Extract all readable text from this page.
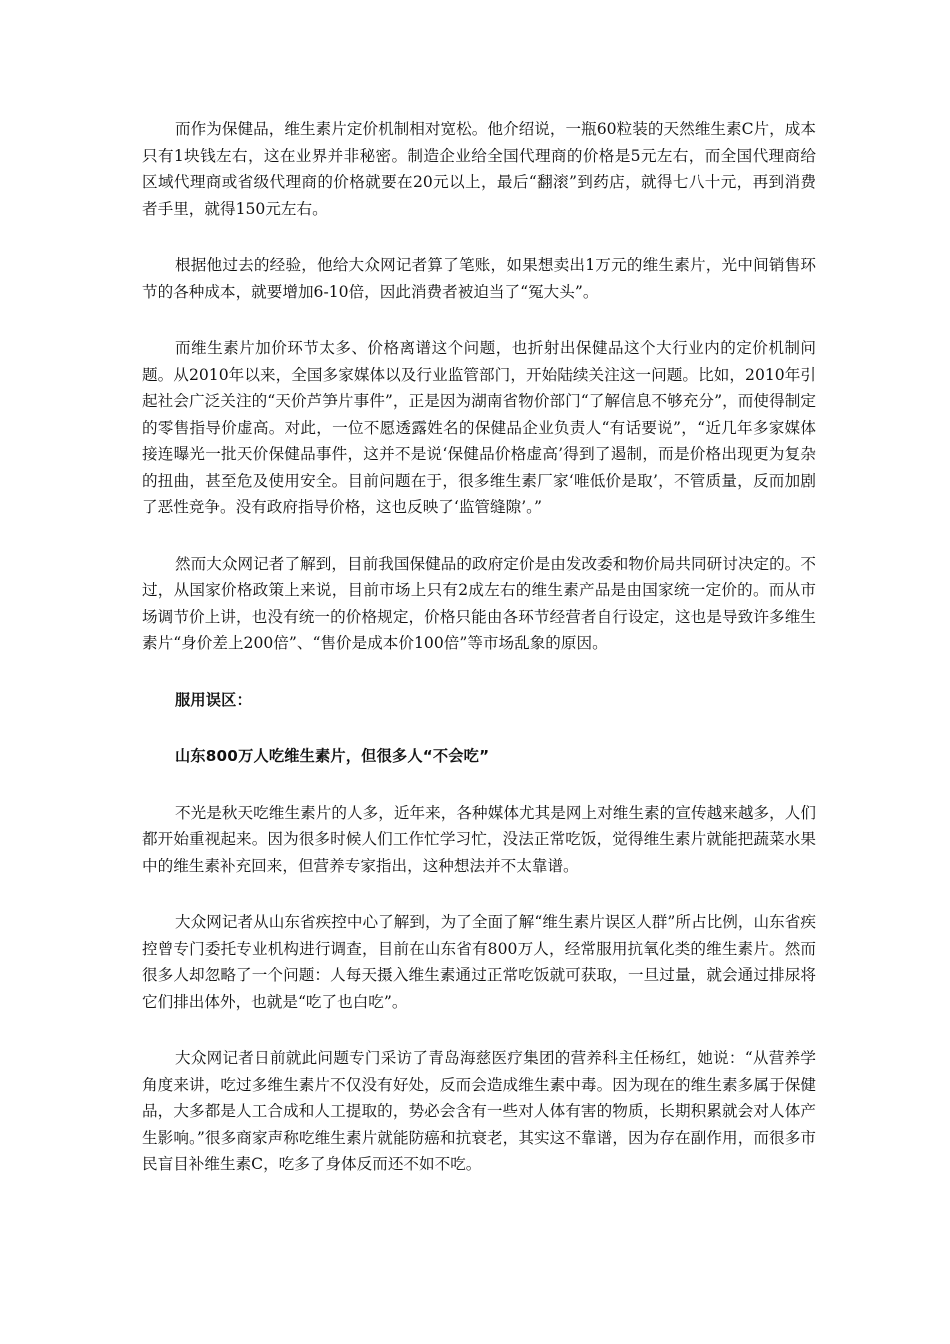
而作为保健品，维生素片定价机制相对宽松。他介绍说，一瓶60粒装的天然维生素C片，成本只有1块钱左右，这在业界并非秘密。制造企业给全国代理商的价格是5元左右，而全国代理商给区域代理商或省级代理商的价格就要在20元以上，最后“翻滚”到药店，就得七八十元，再到消费者手里，就得150元左右。

根据他过去的经验，他给大众网记者算了笔账，如果想卖出1万元的维生素片，光中间销售环节的各种成本，就要增加6-10倍，因此消费者被迫当了“冤大头”。

而维生素片加价环节太多、价格离谱这个问题，也折射出保健品这个大行业内的定价机制问题。从2010年以来，全国多家媒体以及行业监管部门，开始陆续关注这一问题。比如，2010年引起社会广泛关注的“天价芦笋片事件”，正是因为湖南省物价部门“了解信息不够充分”，而使得制定的零售指导价虚高。对此，一位不愿透露姓名的保健品企业负责人“有话要说”，“近几年多家媒体接连曝光一批天价保健品事件，这并不是说‘保健品价格虚高’得到了遏制，而是价格出现更为复杂的扭曲，甚至危及使用安全。目前问题在于，很多维生素厂家‘唯低价是取’，不管质量，反而加剧了恶性竞争。没有政府指导价格，这也反映了‘监管缝隙’。”

然而大众网记者了解到，目前我国保健品的政府定价是由发改委和物价局共同研讨决定的。不过，从国家价格政策上来说，目前市场上只有2成左右的维生素产品是由国家统一定价的。而从市场调节价上讲，也没有统一的价格规定，价格只能由各环节经营者自行设定，这也是导致许多维生素片“身价差上200倍”、“售价是成本价100倍”等市场乱象的原因。

服用误区：

山东800万人吃维生素片，但很多人“不会吃”

不光是秋天吃维生素片的人多，近年来，各种媒体尤其是网上对维生素的宣传越来越多，人们都开始重视起来。因为很多时候人们工作忙学习忙，没法正常吃饭，觉得维生素片就能把蔬菜水果中的维生素补充回来，但营养专家指出，这种想法并不太靠谱。

大众网记者从山东省疾控中心了解到，为了全面了解“维生素片误区人群”所占比例，山东省疾控曾专门委托专业机构进行调查，目前在山东省有800万人，经常服用抗氧化类的维生素片。然而很多人却忽略了一个问题：人每天摄入维生素通过正常吃饭就可获取，一旦过量，就会通过排尿将它们排出体外，也就是“吃了也白吃”。

大众网记者日前就此问题专门采访了青岛海慈医疗集团的营养科主任杨红，她说：“从营养学角度来讲，吃过多维生素片不仅没有好处，反而会造成维生素中毒。因为现在的维生素多属于保健品，大多都是人工合成和人工提取的，势必会含有一些对人体有害的物质，长期积累就会对人体产生影响。”很多商家声称吃维生素片就能防癌和抗衰老，其实这不靠谱，因为存在副作用，而很多市民盲目补维生素C，吃多了身体反而还不如不吃。
